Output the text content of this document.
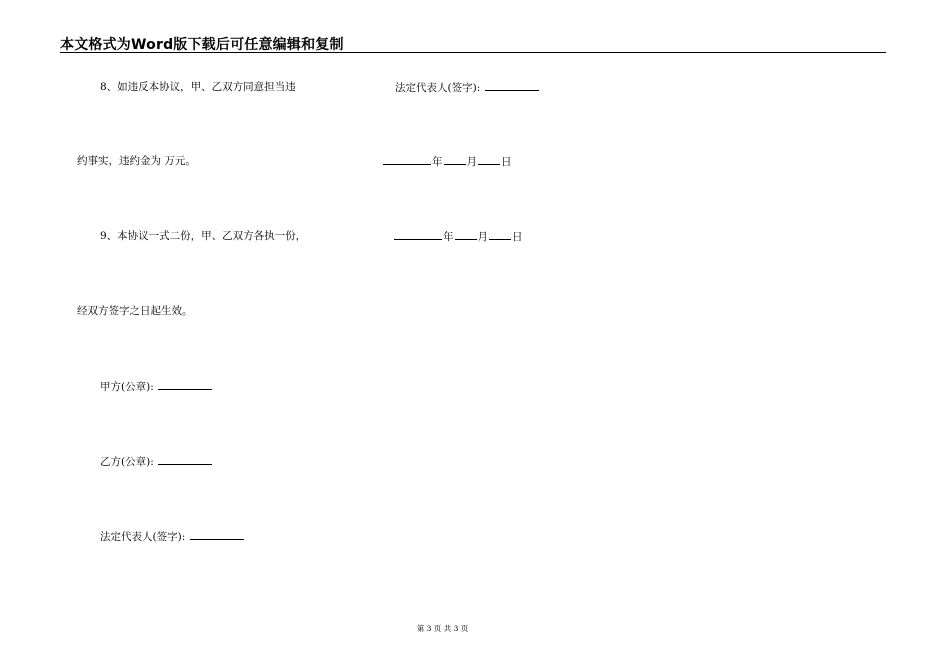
本文格式为Word版下载后可任意编辑和复制
8、如违反本协议，甲、乙双方同意担当违	法定代表人(签字):
约事实，违约金为 万元。	年 月 日
9、本协议一式二份，甲、乙双方各执一份，	年 月 日
经双方签字之日起生效。
甲方(公章):
乙方(公章):
法定代表人(签字):
第 3 页 共 3 页
